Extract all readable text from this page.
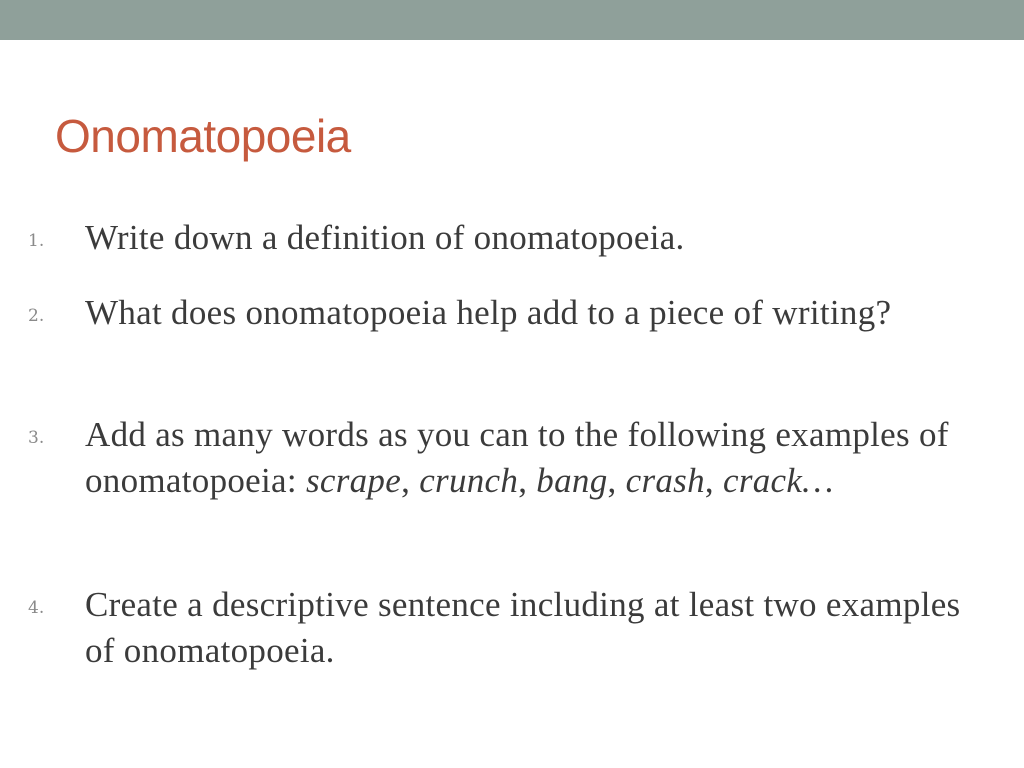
Onomatopoeia
1. Write down a definition of onomatopoeia.
2. What does onomatopoeia help add to a piece of writing?
3. Add as many words as you can to the following examples of onomatopoeia: scrape, crunch, bang, crash, crack…
4. Create a descriptive sentence including at least two examples of onomatopoeia.
